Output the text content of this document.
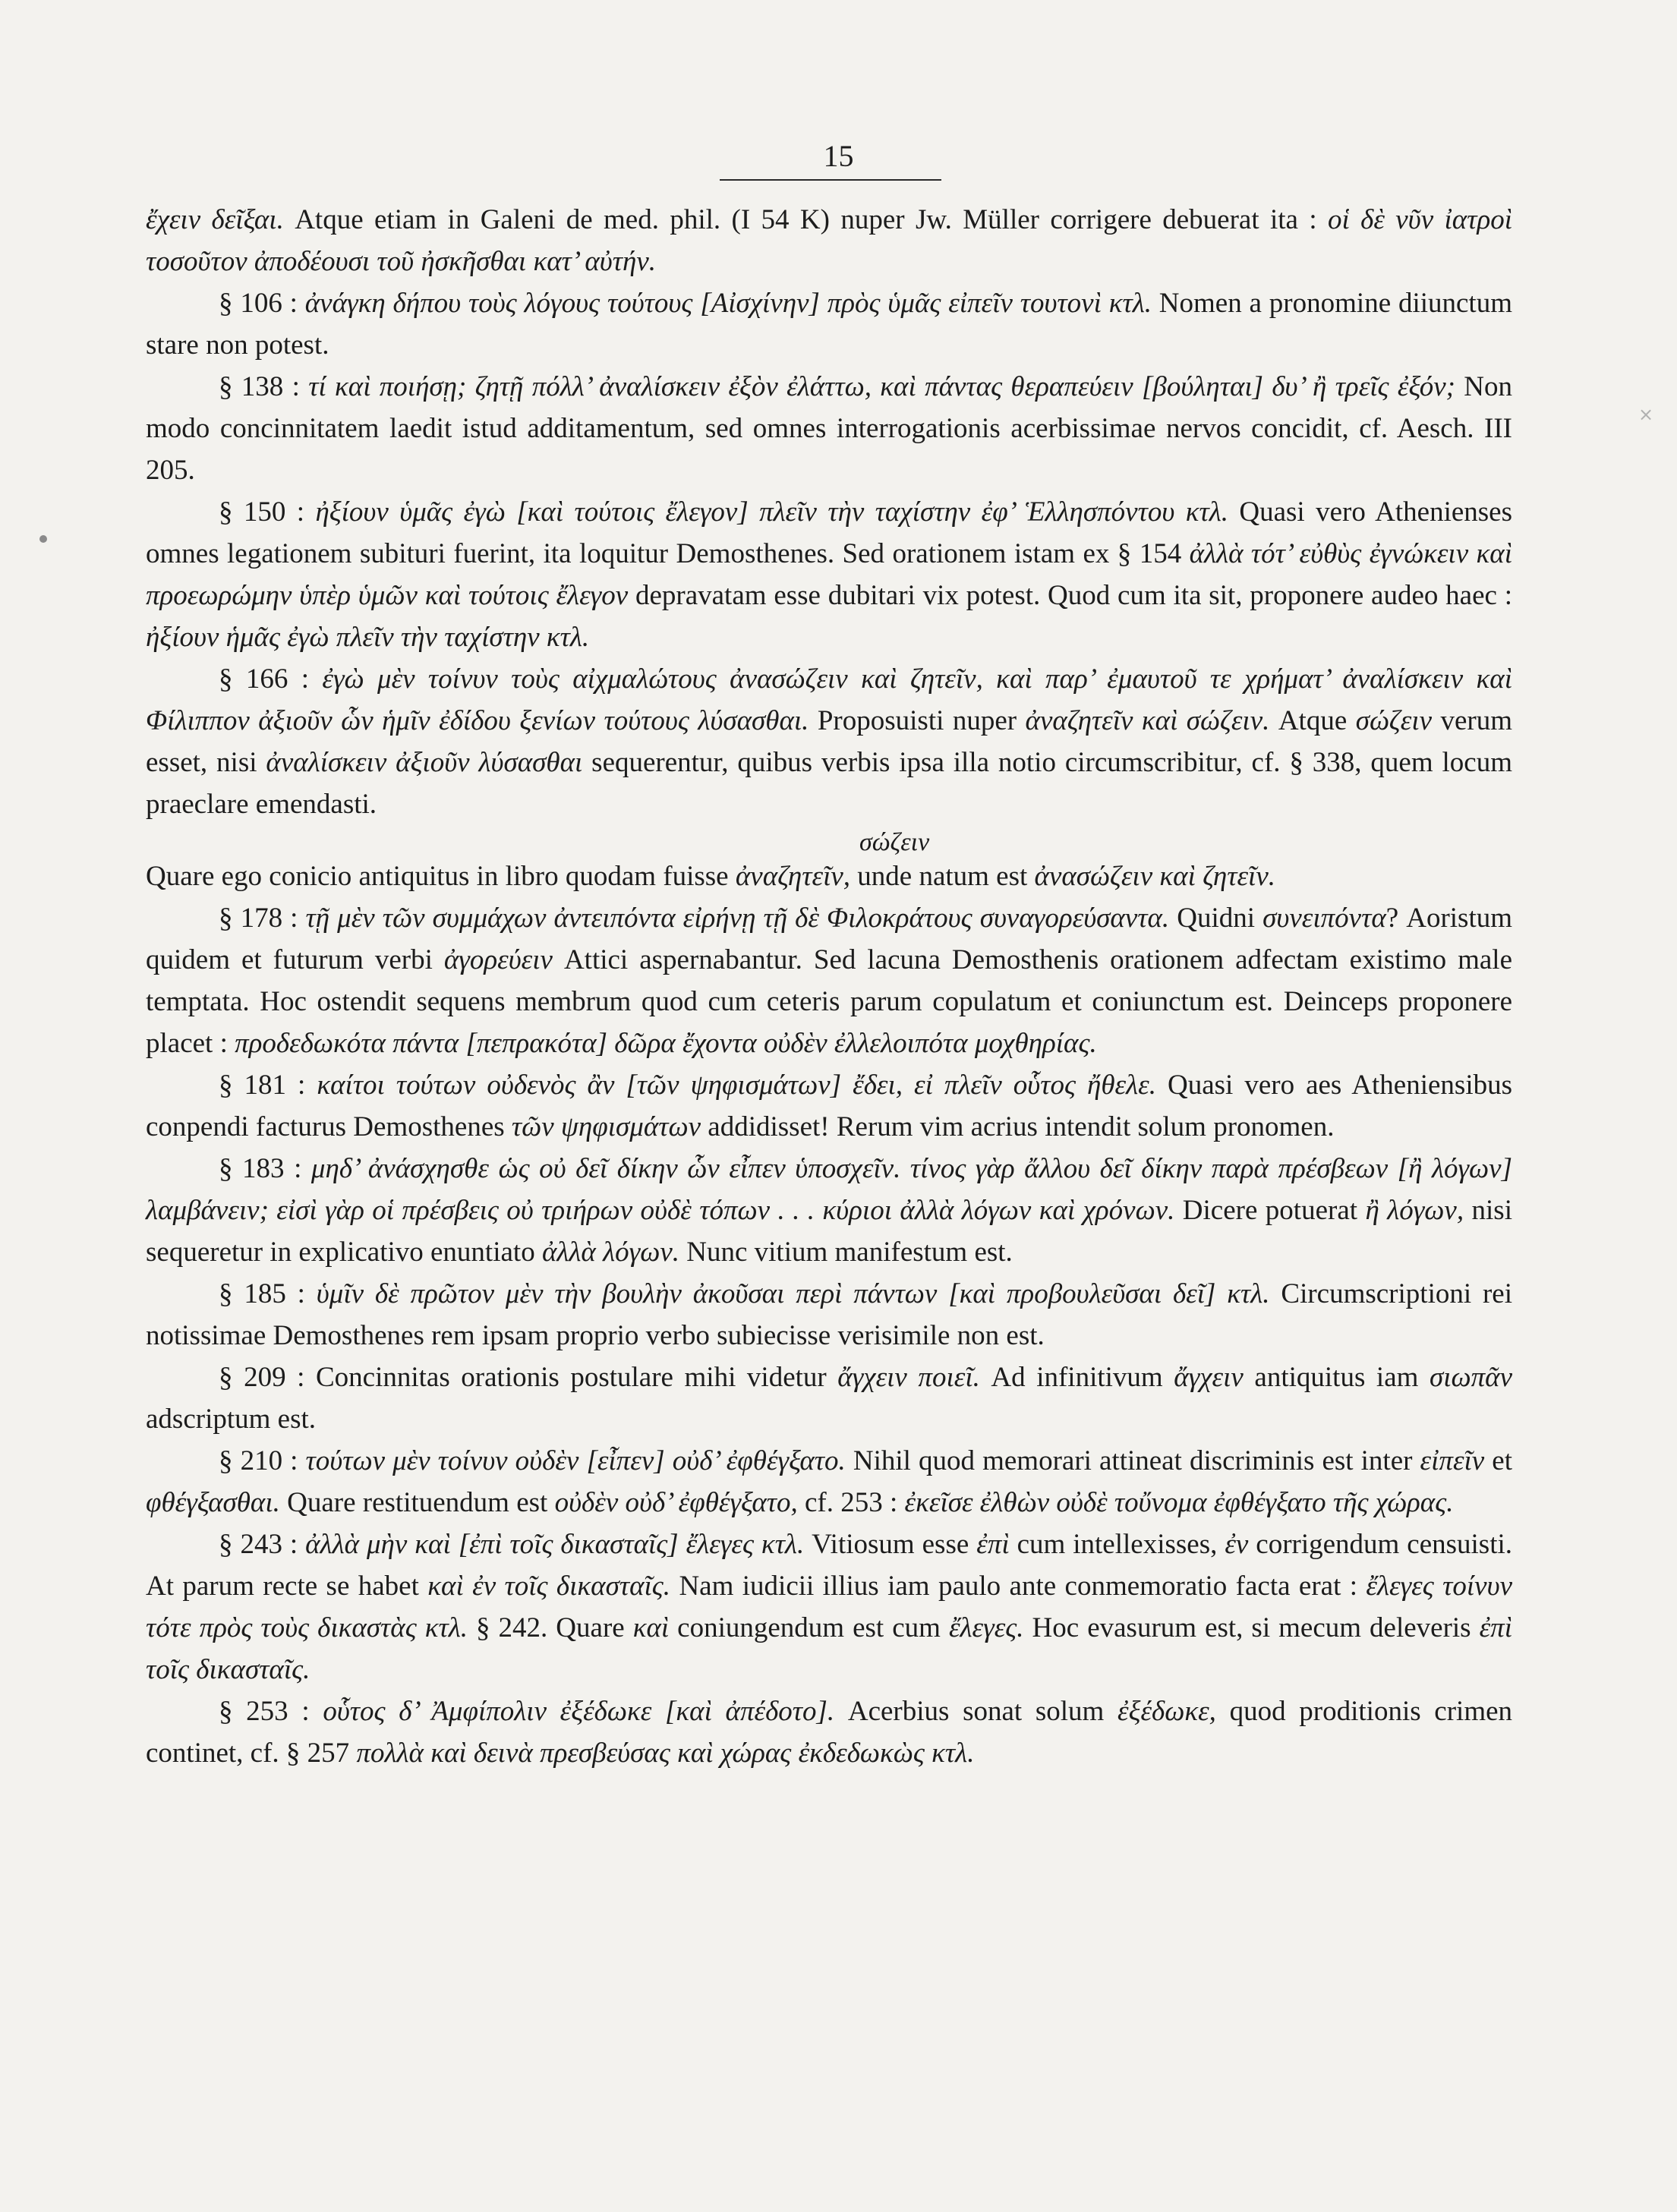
15

ἔχειν δεῖξαι. Atque etiam in Galeni de med. phil. (I 54 K) nuper Jw. Müller corrigere debuerat ita : οἱ δὲ νῦν ἰατροὶ τοσοῦτον ἀποδέουσι τοῦ ἠσκῆσθαι κατ’ αὐτήν.

§ 106 : ἀνάγκη δήπου τοὺς λόγους τούτους [Αἰσχίνην] πρὸς ὑμᾶς εἰπεῖν τουτονὶ κτλ. Nomen a pronomine diiunctum stare non potest.

§ 138 : τί καὶ ποιήσῃ; ζητῇ πόλλ’ ἀναλίσκειν ἐξὸν ἐλάττω, καὶ πάντας θεραπεύειν [βούληται] δυ’ ἢ τρεῖς ἐξόν; Non modo concinnitatem laedit istud additamentum, sed omnes interrogationis acerbissimae nervos concidit, cf. Aesch. III 205.

§ 150 : ἠξίουν ὑμᾶς ἐγὼ [καὶ τούτοις ἔλεγον] πλεῖν τὴν ταχίστην ἐφ’ Ἑλλησπόντου κτλ. Quasi vero Athenienses omnes legationem subituri fuerint, ita loquitur Demosthenes. Sed orationem istam ex § 154 ἀλλὰ τότ’ εὐθὺς ἐγνώκειν καὶ προεωρώμην ὑπὲρ ὑμῶν καὶ τούτοις ἔλεγον depravatam esse dubitari vix potest. Quod cum ita sit, proponere audeo haec : ἠξίουν ἡμᾶς ἐγὼ πλεῖν τὴν ταχίστην κτλ.

§ 166 : ἐγὼ μὲν τοίνυν τοὺς αἰχμαλώτους ἀνασώζειν καὶ ζητεῖν, καὶ παρ’ ἐμαυτοῦ τε χρήματ’ ἀναλίσκειν καὶ Φίλιππον ἀξιοῦν ὧν ἡμῖν ἐδίδου ξενίων τούτους λύσασθαι. Proposuisti nuper ἀναζητεῖν καὶ σώζειν. Atque σώζειν verum esset, nisi ἀναλίσκειν ἀξιοῦν λύσασθαι sequerentur, quibus verbis ipsa illa notio circumscribitur, cf. § 338, quem locum praeclare emendasti.

σώζειν

Quare ego conicio antiquitus in libro quodam fuisse ἀναζητεῖν, unde natum est ἀνασώζειν καὶ ζητεῖν.

§ 178 : τῇ μὲν τῶν συμμάχων ἀντειπόντα εἰρήνῃ τῇ δὲ Φιλοκράτους συναγορεύσαντα. Quidni συνειπόντα? Aoristum quidem et futurum verbi ἀγορεύειν Attici aspernabantur. Sed lacuna Demosthenis orationem adfectam existimo male temptata. Hoc ostendit sequens membrum quod cum ceteris parum copulatum et coniunctum est. Deinceps proponere placet : προδεδωκότα πάντα [πεπρακότα] δῶρα ἔχοντα οὐδὲν ἐλλελοιπότα μοχθηρίας.

§ 181 : καίτοι τούτων οὐδενὸς ἂν [τῶν ψηφισμάτων] ἔδει, εἰ πλεῖν οὗτος ἤθελε. Quasi vero aes Atheniensibus conpendi facturus Demosthenes τῶν ψηφισμάτων addidisset! Rerum vim acrius intendit solum pronomen.

§ 183 : μηδ’ ἀνάσχησθε ὡς οὐ δεῖ δίκην ὧν εἶπεν ὑποσχεῖν. τίνος γὰρ ἄλλου δεῖ δίκην παρὰ πρέσβεων [ἢ λόγων] λαμβάνειν; εἰσὶ γὰρ οἱ πρέσβεις οὐ τριήρων οὐδὲ τόπων . . . κύριοι ἀλλὰ λόγων καὶ χρόνων. Dicere potuerat ἢ λόγων, nisi sequeretur in explicativo enuntiato ἀλλὰ λόγων. Nunc vitium manifestum est.

§ 185 : ὑμῖν δὲ πρῶτον μὲν τὴν βουλὴν ἀκοῦσαι περὶ πάντων [καὶ προβουλεῦσαι δεῖ] κτλ. Circumscriptioni rei notissimae Demosthenes rem ipsam proprio verbo subiecisse verisimile non est.

§ 209 : Concinnitas orationis postulare mihi videtur ἄγχειν ποιεῖ. Ad infinitivum ἄγχειν antiquitus iam σιωπᾶν adscriptum est.

§ 210 : τούτων μὲν τοίνυν οὐδὲν [εἶπεν] οὐδ’ ἐφθέγξατο. Nihil quod memorari attineat discriminis est inter εἰπεῖν et φθέγξασθαι. Quare restituendum est οὐδὲν οὐδ’ ἐφθέγξατο, cf. 253 : ἐκεῖσε ἐλθὼν οὐδὲ τοὔνομα ἐφθέγξατο τῆς χώρας.

§ 243 : ἀλλὰ μὴν καὶ [ἐπὶ τοῖς δικασταῖς] ἔλεγες κτλ. Vitiosum esse ἐπὶ cum intellexisses, ἐν corrigendum censuisti. At parum recte se habet καὶ ἐν τοῖς δικασταῖς. Nam iudicii illius iam paulo ante conmemoratio facta erat : ἔλεγες τοίνυν τότε πρὸς τοὺς δικαστὰς κτλ. § 242. Quare καὶ coniungendum est cum ἔλεγες. Hoc evasurum est, si mecum deleveris ἐπὶ τοῖς δικασταῖς.

§ 253 : οὗτος δ’ Ἀμφίπολιν ἐξέδωκε [καὶ ἀπέδοτο]. Acerbius sonat solum ἐξέδωκε, quod proditionis crimen continet, cf. § 257 πολλὰ καὶ δεινὰ πρεσβεύσας καὶ χώρας ἐκδεδωκὼς κτλ.

×
